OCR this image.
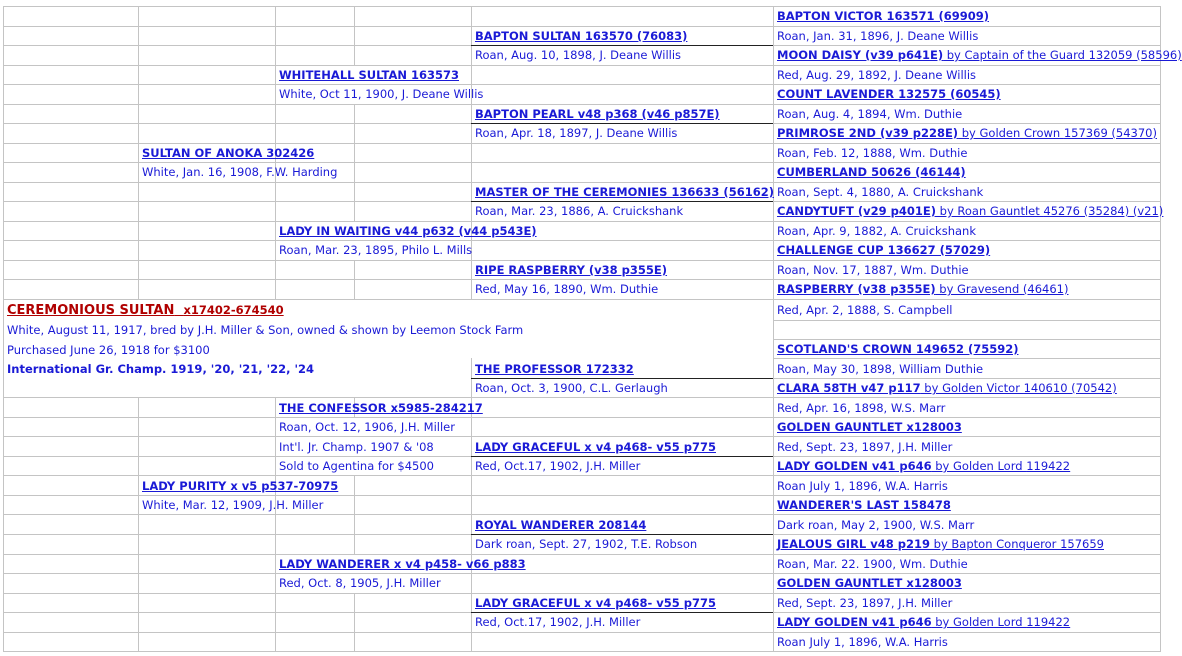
CEREMONIOUS SULTAN x17402-674540
White, August 11, 1917, bred by J.H. Miller & Son, owned & shown by Leemon Stock Farm
Purchased June 26, 1918 for $3100
International Gr. Champ. 1919, '20, '21, '22, '24
SULTAN OF ANOKA 302426
White, Jan. 16, 1908, F.W. Harding
LADY PURITY x v5 p537-70975
White, Mar. 12, 1909, J.H. Miller
WHITEHALL SULTAN 163573
White, Oct 11, 1900, J. Deane Willis
LADY IN WAITING v44 p632 (v44 p543E)
Roan, Mar. 23, 1895, Philo L. Mills
THE CONFESSOR x5985-284217
Roan, Oct. 12, 1906, J.H. Miller
Int'l. Jr. Champ. 1907 & '08
Sold to Agentina for $4500
LADY WANDERER x v4 p458- v66 p883
Red, Oct. 8, 1905, J.H. Miller
BAPTON SULTAN 163570 (76083)
Roan, Aug. 10, 1898, J. Deane Willis
BAPTON PEARL v48 p368 (v46 p857E)
Roan, Apr. 18, 1897, J. Deane Willis
MASTER OF THE CEREMONIES 136633 (56162)
Roan, Mar. 23, 1886, A. Cruickshank
RIPE RASPBERRY (v38 p355E)
Red, May 16, 1890, Wm. Duthie
THE PROFESSOR 172332
Roan, Oct. 3, 1900, C.L. Gerlaugh
LADY GRACEFUL x v4 p468- v55 p775
Red, Oct.17, 1902, J.H. Miller
ROYAL WANDERER 208144
Dark roan, Sept. 27, 1902, T.E. Robson
LADY GRACEFUL x v4 p468- v55 p775
Red, Oct.17, 1902, J.H. Miller
BAPTON VICTOR 163571 (69909)
Roan, Jan. 31, 1896, J. Deane Willis
MOON DAISY (v39 p641E) by Captain of the Guard 132059 (58596)
Red, Aug. 29, 1892, J. Deane Willis
COUNT LAVENDER 132575 (60545)
Roan, Aug. 4, 1894, Wm. Duthie
PRIMROSE 2ND (v39 p228E) by Golden Crown 157369 (54370)
Roan, Feb. 12, 1888, Wm. Duthie
CUMBERLAND 50626 (46144)
Roan, Sept. 4, 1880, A. Cruickshank
CANDYTUFT (v29 p401E) by Roan Gauntlet 45276 (35284) (v21)
Roan, Apr. 9, 1882, A. Cruickshank
CHALLENGE CUP 136627 (57029)
Roan, Nov. 17, 1887, Wm. Duthie
RASPBERRY (v38 p355E) by Gravesend (46461)
Red, Apr. 2, 1888, S. Campbell
SCOTLAND'S CROWN 149652 (75592)
Roan, May 30, 1898, William Duthie
CLARA 58TH v47 p117 by Golden Victor 140610 (70542)
Red, Apr. 16, 1898, W.S. Marr
GOLDEN GAUNTLET x128003
Red, Sept. 23, 1897, J.H. Miller
LADY GOLDEN v41 p646 by Golden Lord 119422
Roan July 1, 1896, W.A. Harris
WANDERER'S LAST 158478
Dark roan, May 2, 1900, W.S. Marr
JEALOUS GIRL v48 p219 by Bapton Conqueror 157659
Roan, Mar. 22. 1900, Wm. Duthie
GOLDEN GAUNTLET x128003
Red, Sept. 23, 1897, J.H. Miller
LADY GOLDEN v41 p646 by Golden Lord 119422
Roan July 1, 1896, W.A. Harris
